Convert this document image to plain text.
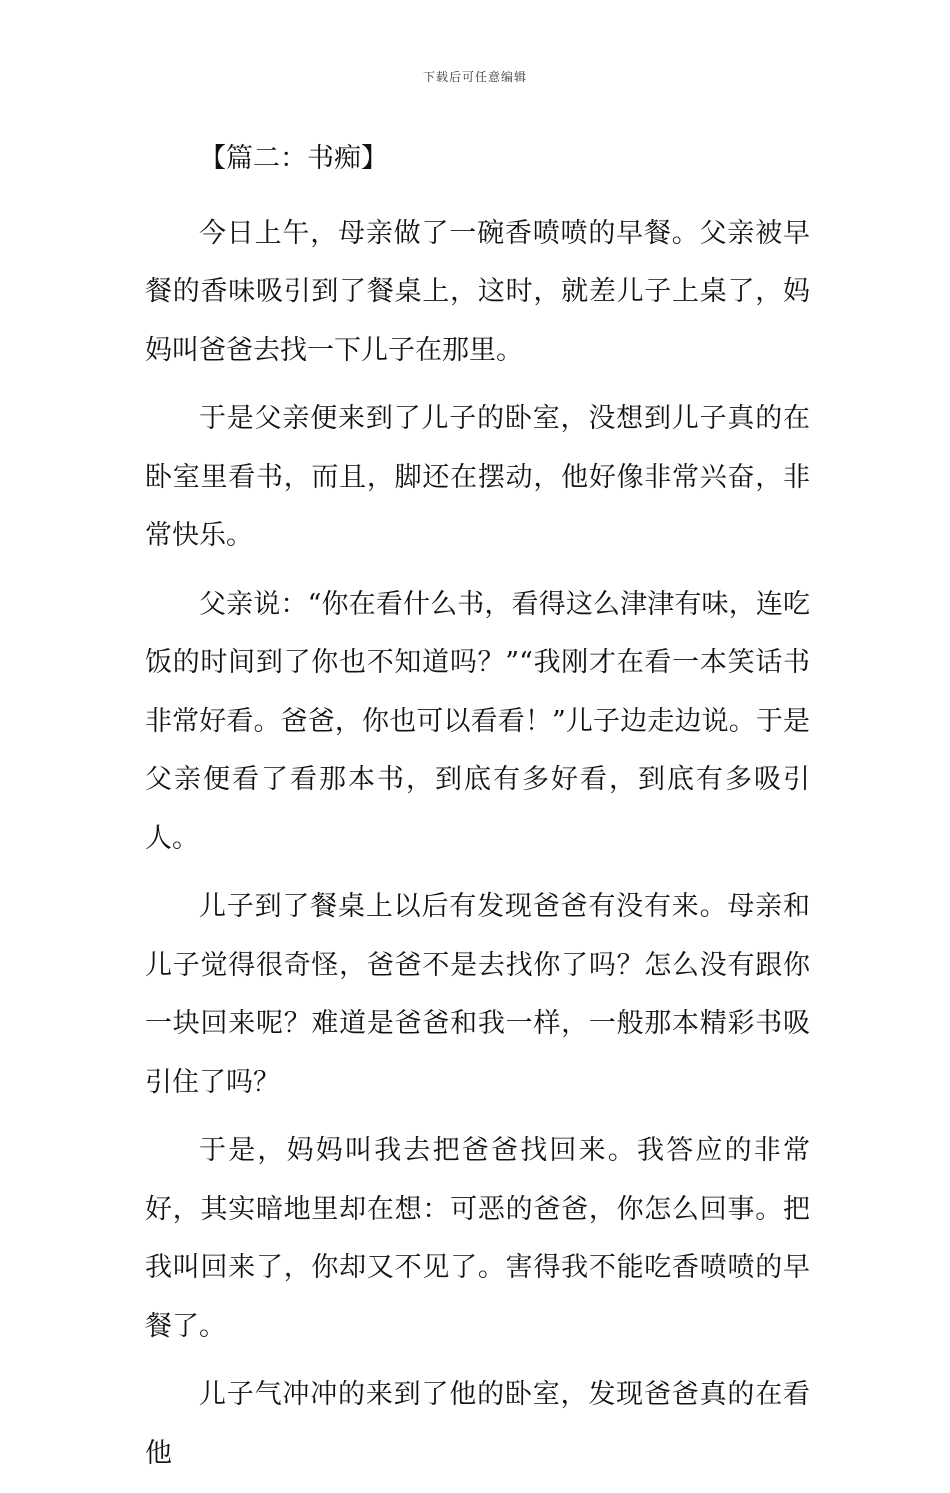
下载后可任意编辑

【篇二：书痴】

今日上午，母亲做了一碗香喷喷的早餐。父亲被早餐的香味吸引到了餐桌上，这时，就差儿子上桌了，妈妈叫爸爸去找一下儿子在那里。

于是父亲便来到了儿子的卧室，没想到儿子真的在卧室里看书，而且，脚还在摆动，他好像非常兴奋，非常快乐。

父亲说：“你在看什么书，看得这么津津有味，连吃饭的时间到了你也不知道吗？”“我刚才在看一本笑话书非常好看。爸爸，你也可以看看！”儿子边走边说。于是父亲便看了看那本书，到底有多好看，到底有多吸引人。

儿子到了餐桌上以后有发现爸爸有没有来。母亲和儿子觉得很奇怪，爸爸不是去找你了吗？怎么没有跟你一块回来呢？难道是爸爸和我一样，一般那本精彩书吸引住了吗？

于是，妈妈叫我去把爸爸找回来。我答应的非常好，其实暗地里却在想：可恶的爸爸，你怎么回事。把我叫回来了，你却又不见了。害得我不能吃香喷喷的早餐了。

儿子气冲冲的来到了他的卧室，发现爸爸真的在看他
